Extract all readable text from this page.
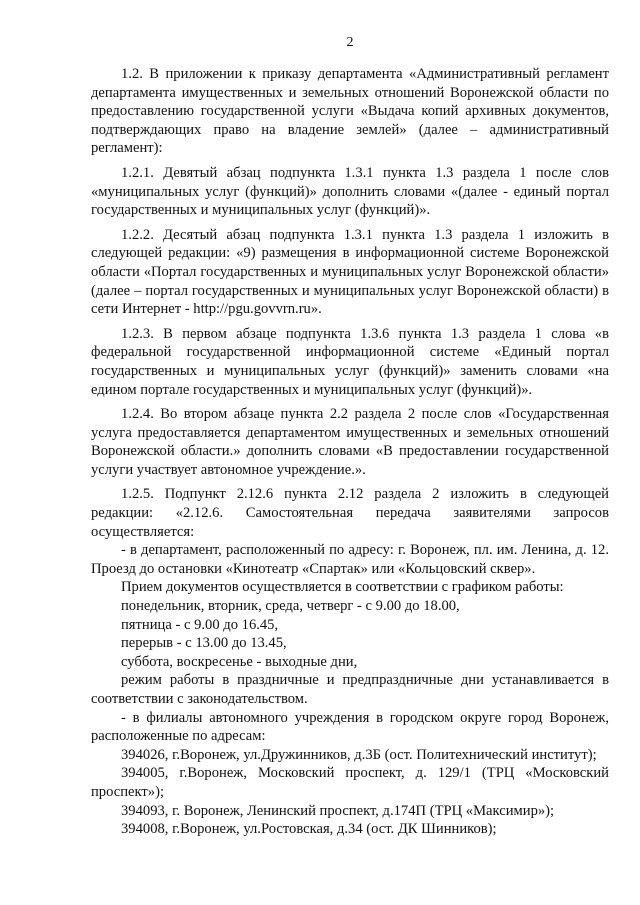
2

1.2. В приложении к приказу департамента «Административный регламент департамента имущественных и земельных отношений Воронежской области по предоставлению государственной услуги «Выдача копий архивных документов, подтверждающих право на владение землей» (далее – административный регламент):

1.2.1. Девятый абзац подпункта 1.3.1 пункта 1.3 раздела 1 после слов «муниципальных услуг (функций)» дополнить словами «(далее - единый портал государственных и муниципальных услуг (функций)».

1.2.2. Десятый абзац подпункта 1.3.1 пункта 1.3 раздела 1 изложить в следующей редакции: «9) размещения в информационной системе Воронежской области «Портал государственных и муниципальных услуг Воронежской области» (далее – портал государственных и муниципальных услуг Воронежской области) в сети Интернет - http://pgu.govvrn.ru».

1.2.3. В первом абзаце подпункта 1.3.6 пункта 1.3 раздела 1 слова «в федеральной государственной информационной системе «Единый портал государственных и муниципальных услуг (функций)» заменить словами «на едином портале государственных и муниципальных услуг (функций)».

1.2.4. Во втором абзаце пункта 2.2 раздела 2 после слов «Государственная услуга предоставляется департаментом имущественных и земельных отношений Воронежской области.» дополнить словами «В предоставлении государственной услуги участвует автономное учреждение.».

1.2.5. Подпункт 2.12.6 пункта 2.12 раздела 2 изложить в следующей редакции: «2.12.6. Самостоятельная передача заявителями запросов осуществляется:

- в департамент, расположенный по адресу: г. Воронеж, пл. им. Ленина, д. 12. Проезд до остановки «Кинотеатр «Спартак» или «Кольцовский сквер».

Прием документов осуществляется в соответствии с графиком работы:

понедельник, вторник, среда, четверг - с 9.00 до 18.00,

пятница - с 9.00 до 16.45,

перерыв - с 13.00 до 13.45,

суббота, воскресенье - выходные дни,

режим работы в праздничные и предпраздничные дни устанавливается в соответствии с законодательством.

- в филиалы автономного учреждения в городском округе город Воронеж, расположенные по адресам:

394026, г.Воронеж, ул.Дружинников, д.3Б (ост. Политехнический институт);

394005, г.Воронеж, Московский проспект, д. 129/1 (ТРЦ «Московский проспект»);

394093, г. Воронеж, Ленинский проспект, д.174П (ТРЦ «Максимир»);

394008, г.Воронеж, ул.Ростовская, д.34 (ост. ДК Шинников);
